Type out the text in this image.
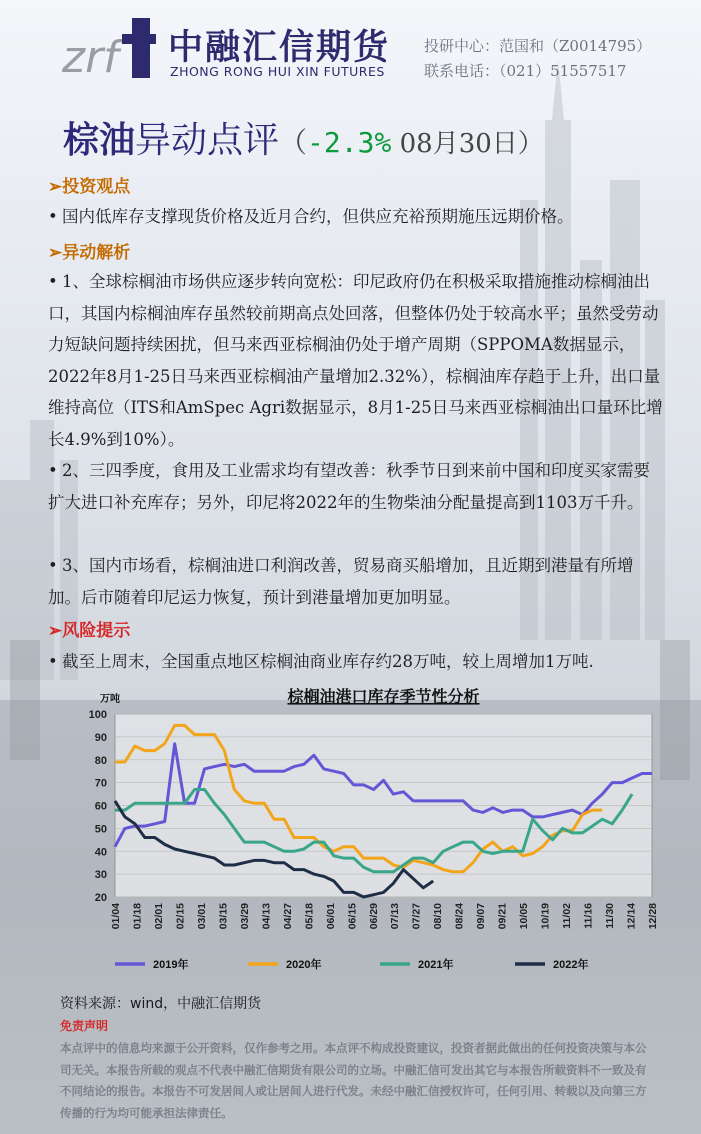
zrf 中融汇信期货
ZHONG RONG HUI XIN FUTURES
投研中心：范国和（Z0014795）
联系电话：（021）51557517
棕油异动点评（-2.3% 08月30日）
➢投资观点
• 国内低库存支撑现货价格及近月合约，但供应充裕预期施压远期价格。
➢异动解析
• 1、全球棕榈油市场供应逐步转向宽松：印尼政府仍在积极采取措施推动棕榈油出口，其国内棕榈油库存虽然较前期高点处回落，但整体仍处于较高水平；虽然受劳动力短缺问题持续困扰，但马来西亚棕榈油仍处于增产周期（SPPOMA数据显示，2022年8月1-25日马来西亚棕榈油产量增加2.32%），棕榈油库存趋于上升，出口量维持高位（ITS和AmSpec Agri数据显示，8月1-25日马来西亚棕榈油出口量环比增长4.9%到10%）。
• 2、三四季度，食用及工业需求均有望改善：秋季节日到来前中国和印度买家需要扩大进口补充库存；另外，印尼将2022年的生物柴油分配量提高到1103万千升。
• 3、国内市场看，棕榈油进口利润改善，贸易商买船增加，且近期到港量有所增加。后市随着印尼运力恢复，预计到港量增加更加明显。
➢风险提示
• 截至上周末，全国重点地区棕榈油商业库存约28万吨，较上周增加1万吨.
棕榈油港口库存季节性分析
万吨
20
30
40
50
60
70
80
90
100
01/04 01/18 02/01 02/15 03/01 03/15 03/29 04/13 04/27 05/18 06/01 06/15 06/29 07/13 07/27 08/10 08/24 09/07 09/21 10/05 10/19 11/02 11/16 11/30 12/14 12/28
2019年	2020年	2021年	2022年
资料来源：wind，中融汇信期货
免责声明
本点评中的信息均来源于公开资料，仅作参考之用。本点评不构成投资建议，投资者据此做出的任何投资决策与本公司无关。本报告所载的观点不代表中融汇信期货有限公司的立场。中融汇信可发出其它与本报告所载资料不一致及有不同结论的报告。本报告不可发居间人或让居间人进行代发。未经中融汇信授权许可，任何引用、转载以及向第三方传播的行为均可能承担法律责任。
